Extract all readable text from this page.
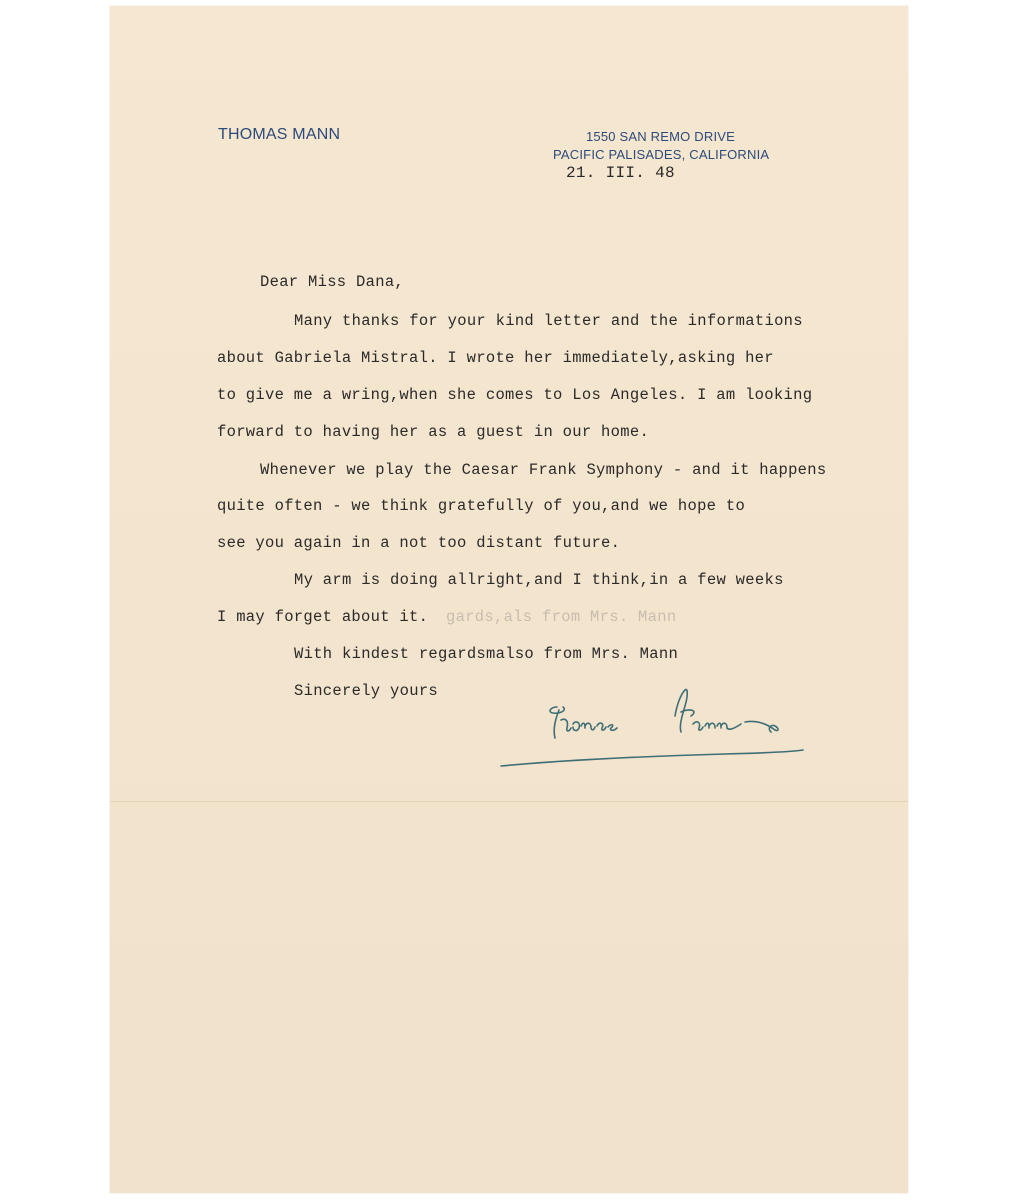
THOMAS MANN	1550 SAN REMO DRIVE
PACIFIC PALISADES, CALIFORNIA
21. III. 48
Dear Miss Dana,
Many thanks for your kind letter and the informations
about Gabriela Mistral. I wrote her immediately,asking her
to give me a wring,when she comes to Los Angeles. I am looking
forward to having her as a guest in our home.
Whenever we play the Caesar Frank Symphony - and it happens
quite often - we think gratefully of you,and we hope to
see you again in a not too distant future.
My arm is doing allright,and I think,in a few weeks
I may forget about it. gards,als from Mrs. Mann
With kindest regardsmalso from Mrs. Mann
Sincerely yours
